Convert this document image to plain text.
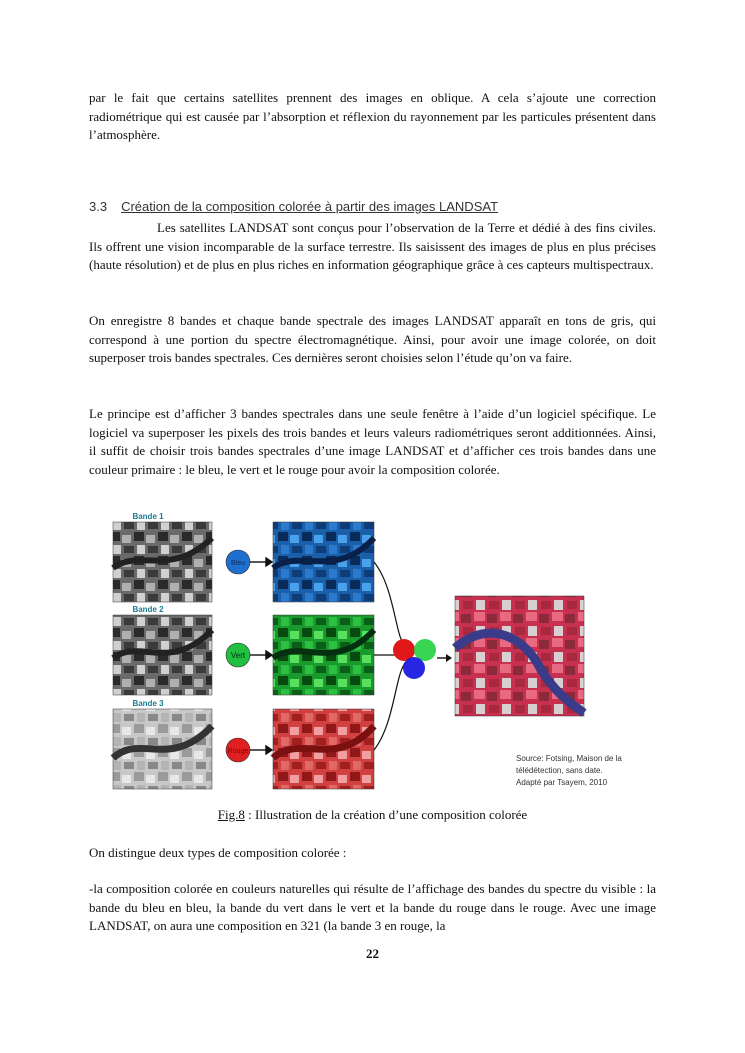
par le fait que certains satellites prennent des images en oblique. A cela s’ajoute une correction radiométrique qui est causée par l’absorption et réflexion du rayonnement par les particules présentent dans l’atmosphère.

3.3 Création de la composition colorée à partir des images LANDSAT

Les satellites LANDSAT sont conçus pour l’observation de la Terre et dédié à des fins civiles. Ils offrent une vision incomparable de la surface terrestre. Ils saisissent des images de plus en plus précises (haute résolution) et de plus en plus riches en information géographique grâce à ces capteurs multispectraux.

On enregistre 8 bandes et chaque bande spectrale des images LANDSAT apparaît en tons de gris, qui correspond à une portion du spectre électromagnétique. Ainsi, pour avoir une image colorée, on doit superposer trois bandes spectrales. Ces dernières seront choisies selon l’étude qu’on va faire.

Le principe est d’afficher 3 bandes spectrales dans une seule fenêtre à l’aide d’un logiciel spécifique. Le logiciel va superposer les pixels des trois bandes et leurs valeurs radiométriques seront additionnées. Ainsi, il suffit de choisir trois bandes spectrales d’une image LANDSAT et d’afficher ces trois bandes dans une couleur primaire : le bleu, le vert et le rouge pour avoir la composition colorée.

Bande 1
Bande 2
Bande 3
Bleu
Vert
Rouge
Source: Fotsing, Maison de la
télédétection, sans date.
Adapté par Tsayem, 2010
Fig.8 : Illustration de la création d’une composition colorée

On distingue deux types de composition colorée :

-la composition colorée en couleurs naturelles qui résulte de l’affichage des bandes du spectre du visible : la bande du bleu en bleu, la bande du vert dans le vert et la bande du rouge dans le rouge. Avec une image LANDSAT, on aura une composition en 321 (la bande 3 en rouge, la

22
